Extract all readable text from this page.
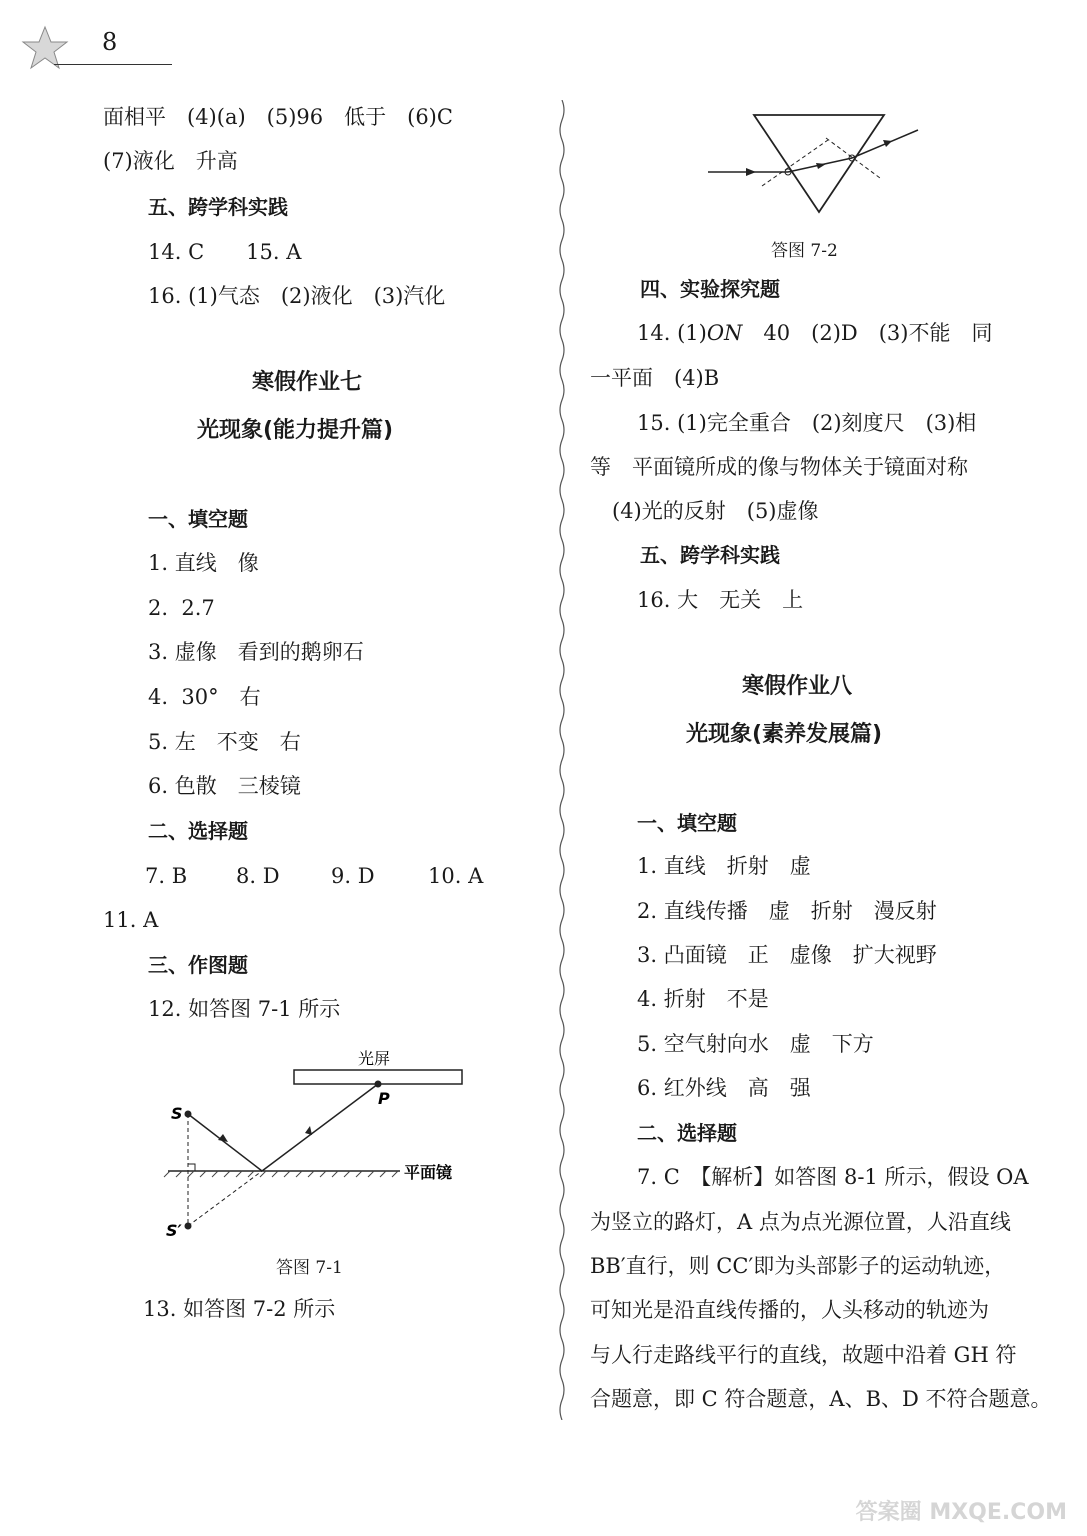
8
面相平　(4)(a)　(5)96　低于　(6)C
(7)液化　升高
五、跨学科实践
14. C　　15. A
16. (1)气态　(2)液化　(3)汽化
寒假作业七
光现象(能力提升篇)
一、填空题
1. 直线　像
2.  2.7
3. 虚像　看到的鹅卵石
4.  30°　右
5. 左　不变　右
6. 色散　三棱镜
二、选择题
7. B 8. D 9. D	10. A
11. A
三、作图题
12. 如答图 7-1 所示
光屏
平面镜
S
S′
P
答图 7-1
13. 如答图 7-2 所示
答图 7-2
四、实验探究题
14. (1)ON　40　(2)D　(3)不能　同
一平面　(4)B
15. (1)完全重合　(2)刻度尺　(3)相
等　平面镜所成的像与物体关于镜面对称
(4)光的反射　(5)虚像
五、跨学科实践
16. 大　无关　上
寒假作业八
光现象(素养发展篇)
一、填空题
1. 直线　折射　虚
2. 直线传播　虚　折射　漫反射
3. 凸面镜　正　虚像　扩大视野
4. 折射　不是
5. 空气射向水　虚　下方
6. 红外线　高　强
二、选择题
7. C　【解析】如答图 8-1 所示，假设 OA
为竖立的路灯，A 点为点光源位置，人沿直线
BB′直行，则 CC′即为头部影子的运动轨迹，
可知光是沿直线传播的，人头移动的轨迹为
与人行走路线平行的直线，故题中沿着 GH 符
合题意，即 C 符合题意，A、B、D 不符合题意。
答案圈 MXQE.COM
